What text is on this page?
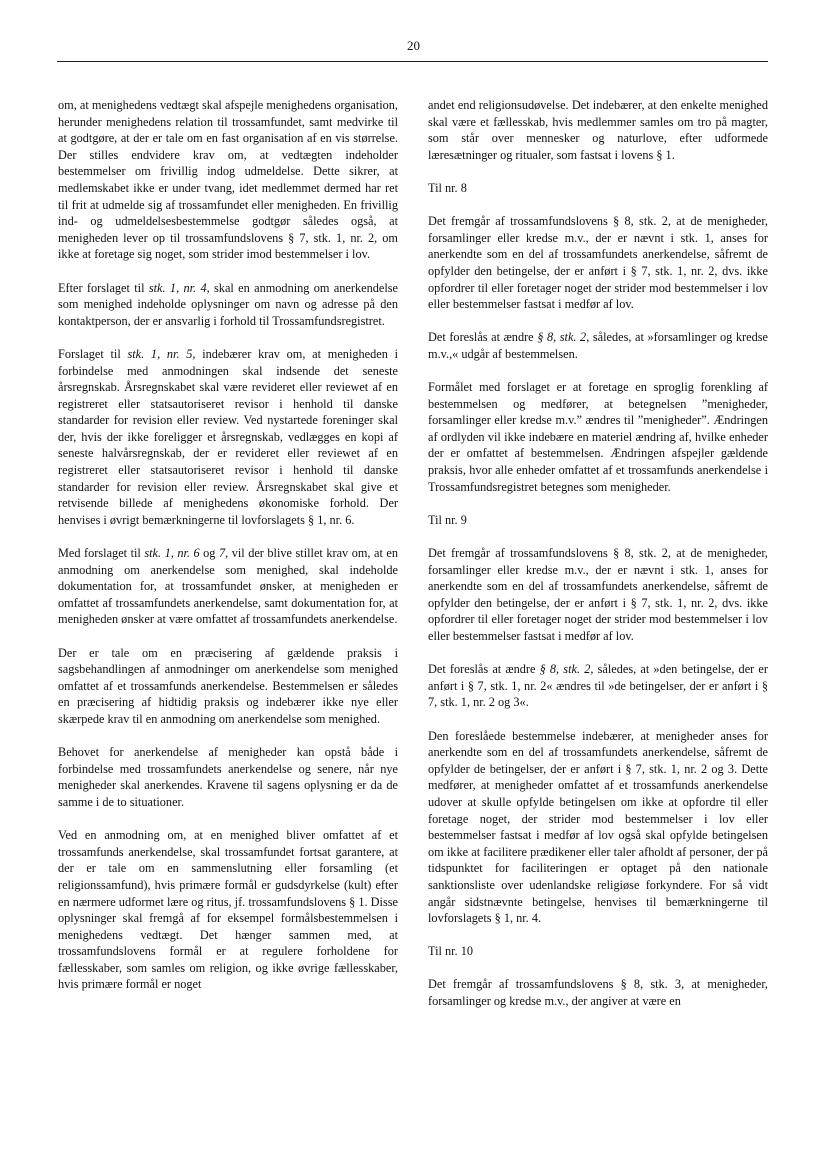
20

om, at menighedens vedtægt skal afspejle menighedens organisation, herunder menighedens relation til trossamfundet, samt medvirke til at godtgøre, at der er tale om en fast organisation af en vis størrelse. Der stilles endvidere krav om, at vedtægten indeholder bestemmelser om frivillig indog udmeldelse. Dette sikrer, at medlemskabet ikke er under tvang, idet medlemmet dermed har ret til frit at udmelde sig af trossamfundet eller menigheden. En frivillig ind- og udmeldelsesbestemmelse godtgør således også, at menigheden lever op til trossamfundslovens § 7, stk. 1, nr. 2, om ikke at foretage sig noget, som strider imod bestemmelser i lov.

Efter forslaget til stk. 1, nr. 4, skal en anmodning om anerkendelse som menighed indeholde oplysninger om navn og adresse på den kontaktperson, der er ansvarlig i forhold til Trossamfundsregistret.

Forslaget til stk. 1, nr. 5, indebærer krav om, at menigheden i forbindelse med anmodningen skal indsende det seneste årsregnskab. Årsregnskabet skal være revideret eller reviewet af en registreret eller statsautoriseret revisor i henhold til danske standarder for revision eller review. Ved nystartede foreninger skal der, hvis der ikke foreligger et årsregnskab, vedlægges en kopi af seneste halvårsregnskab, der er revideret eller reviewet af en registreret eller statsautoriseret revisor i henhold til danske standarder for revision eller review. Årsregnskabet skal give et retvisende billede af menighedens økonomiske forhold. Der henvises i øvrigt bemærkningerne til lovforslagets § 1, nr. 6.

Med forslaget til stk. 1, nr. 6 og 7, vil der blive stillet krav om, at en anmodning om anerkendelse som menighed, skal indeholde dokumentation for, at trossamfundet ønsker, at menigheden er omfattet af trossamfundets anerkendelse, samt dokumentation for, at menigheden ønsker at være omfattet af trossamfundets anerkendelse.

Der er tale om en præcisering af gældende praksis i sagsbehandlingen af anmodninger om anerkendelse som menighed omfattet af et trossamfunds anerkendelse. Bestemmelsen er således en præcisering af hidtidig praksis og indebærer ikke nye eller skærpede krav til en anmodning om anerkendelse som menighed.

Behovet for anerkendelse af menigheder kan opstå både i forbindelse med trossamfundets anerkendelse og senere, når nye menigheder skal anerkendes. Kravene til sagens oplysning er da de samme i de to situationer.

Ved en anmodning om, at en menighed bliver omfattet af et trossamfunds anerkendelse, skal trossamfundet fortsat garantere, at der er tale om en sammenslutning eller forsamling (et religionssamfund), hvis primære formål er gudsdyrkelse (kult) efter en nærmere udformet lære og ritus, jf. trossamfundslovens § 1. Disse oplysninger skal fremgå af for eksempel formålsbestemmelsen i menighedens vedtægt. Det hænger sammen med, at trossamfundslovens formål er at regulere forholdene for fællesskaber, som samles om religion, og ikke øvrige fællesskaber, hvis primære formål er noget

andet end religionsudøvelse. Det indebærer, at den enkelte menighed skal være et fællesskab, hvis medlemmer samles om tro på magter, som står over mennesker og naturlove, efter udformede læresætninger og ritualer, som fastsat i lovens § 1.

Til nr. 8

Det fremgår af trossamfundslovens § 8, stk. 2, at de menigheder, forsamlinger eller kredse m.v., der er nævnt i stk. 1, anses for anerkendte som en del af trossamfundets anerkendelse, såfremt de opfylder den betingelse, der er anført i § 7, stk. 1, nr. 2, dvs. ikke opfordrer til eller foretager noget der strider mod bestemmelser i lov eller bestemmelser fastsat i medfør af lov.

Det foreslås at ændre § 8, stk. 2, således, at »forsamlinger og kredse m.v.,« udgår af bestemmelsen.

Formålet med forslaget er at foretage en sproglig forenkling af bestemmelsen og medfører, at betegnelsen ”menigheder, forsamlinger eller kredse m.v.” ændres til ”menigheder”. Ændringen af ordlyden vil ikke indebære en materiel ændring af, hvilke enheder der er omfattet af bestemmelsen. Ændringen afspejler gældende praksis, hvor alle enheder omfattet af et trossamfunds anerkendelse i Trossamfundsregistret betegnes som menigheder.

Til nr. 9

Det fremgår af trossamfundslovens § 8, stk. 2, at de menigheder, forsamlinger eller kredse m.v., der er nævnt i stk. 1, anses for anerkendte som en del af trossamfundets anerkendelse, såfremt de opfylder den betingelse, der er anført i § 7, stk. 1, nr. 2, dvs. ikke opfordrer til eller foretager noget der strider mod bestemmelser i lov eller bestemmelser fastsat i medfør af lov.

Det foreslås at ændre § 8, stk. 2, således, at »den betingelse, der er anført i § 7, stk. 1, nr. 2« ændres til »de betingelser, der er anført i § 7, stk. 1, nr. 2 og 3«.

Den foreslåede bestemmelse indebærer, at menigheder anses for anerkendte som en del af trossamfundets anerkendelse, såfremt de opfylder de betingelser, der er anført i § 7, stk. 1, nr. 2 og 3. Dette medfører, at menigheder omfattet af et trossamfunds anerkendelse udover at skulle opfylde betingelsen om ikke at opfordre til eller foretage noget, der strider mod bestemmelser i lov eller bestemmelser fastsat i medfør af lov også skal opfylde betingelsen om ikke at facilitere prædikener eller taler afholdt af personer, der på tidspunktet for faciliteringen er optaget på den nationale sanktionsliste over udenlandske religiøse forkyndere. For så vidt angår sidstnævnte betingelse, henvises til bemærkningerne til lovforslagets § 1, nr. 4.

Til nr. 10

Det fremgår af trossamfundslovens § 8, stk. 3, at menigheder, forsamlinger og kredse m.v., der angiver at være en
